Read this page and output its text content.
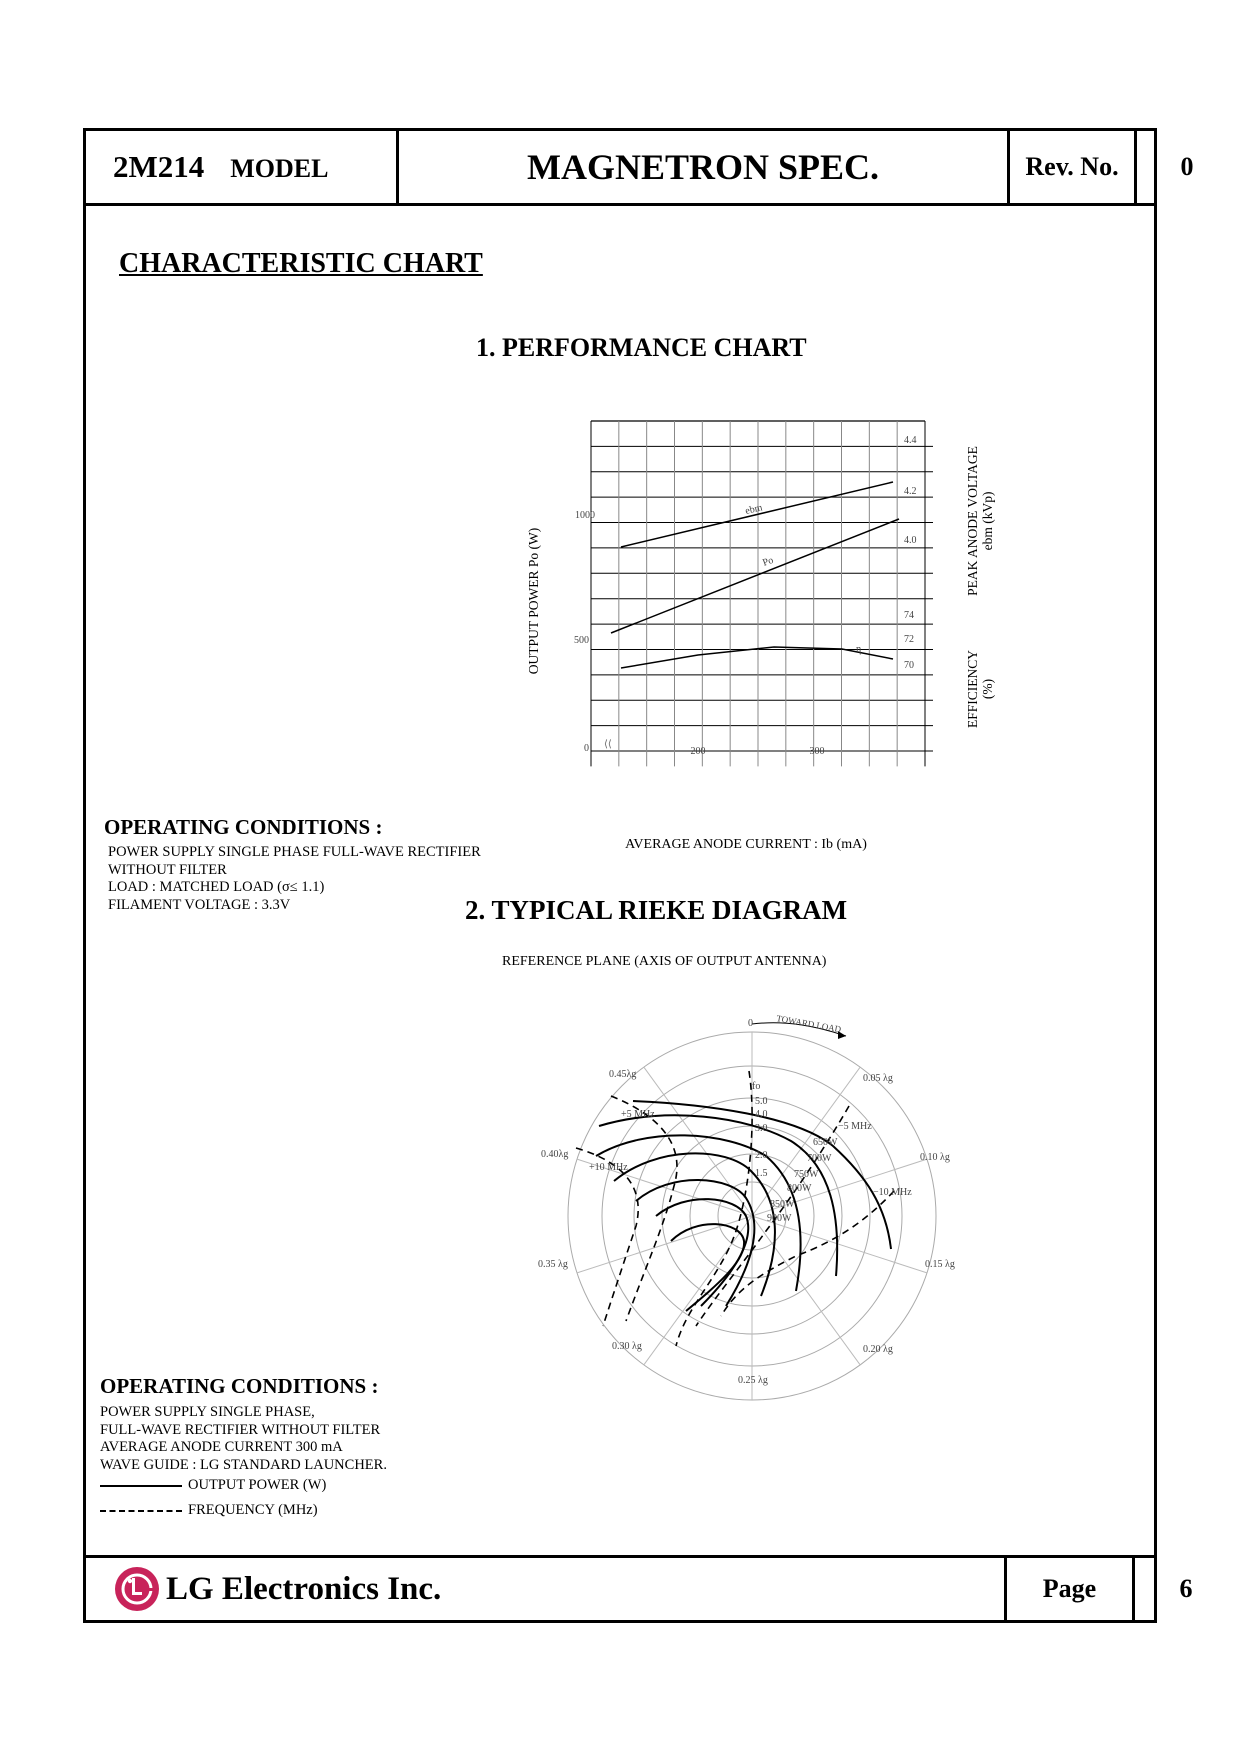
2M214 MODEL	MAGNETRON SPEC.	Rev. No. 0
CHARACTERISTIC CHART
1. PERFORMANCE CHART
OUTPUT POWER Po (W)
PEAK ANODE VOLTAGE ebm (kVp)
EFFICIENCY (%)
AVERAGE ANODE CURRENT : Ib (mA)
1000
500
0	200	300
4.4
4.2
4.0
74
72
70
⟨⟨
ebm
Po
η
OPERATING CONDITIONS :
POWER SUPPLY SINGLE PHASE FULL-WAVE RECTIFIER
WITHOUT FILTER
LOAD : MATCHED LOAD (σ≤ 1.1)
FILAMENT VOLTAGE : 3.3V	2. TYPICAL RIEKE DIAGRAM
REFERENCE PLANE (AXIS OF OUTPUT ANTENNA)
TOWARD LOAD
0
0.05 λg
0.10 λg
0.15 λg
0.20 λg
0.25 λg
0.30 λg
0.35 λg
0.40λg
0.45λg
fo
5.0
4.0
3.0
2.0
1.5
650W
700W
750W
800W
850W
900W
+5 MHz
+10 MHz
−5 MHz
−10 MHz
OPERATING CONDITIONS :
POWER SUPPLY SINGLE PHASE,
FULL-WAVE RECTIFIER WITHOUT FILTER
AVERAGE ANODE CURRENT 300 mA
WAVE GUIDE : LG STANDARD LAUNCHER.
OUTPUT POWER (W)
FREQUENCY (MHz)
LG Electronics Inc.	Page	6
